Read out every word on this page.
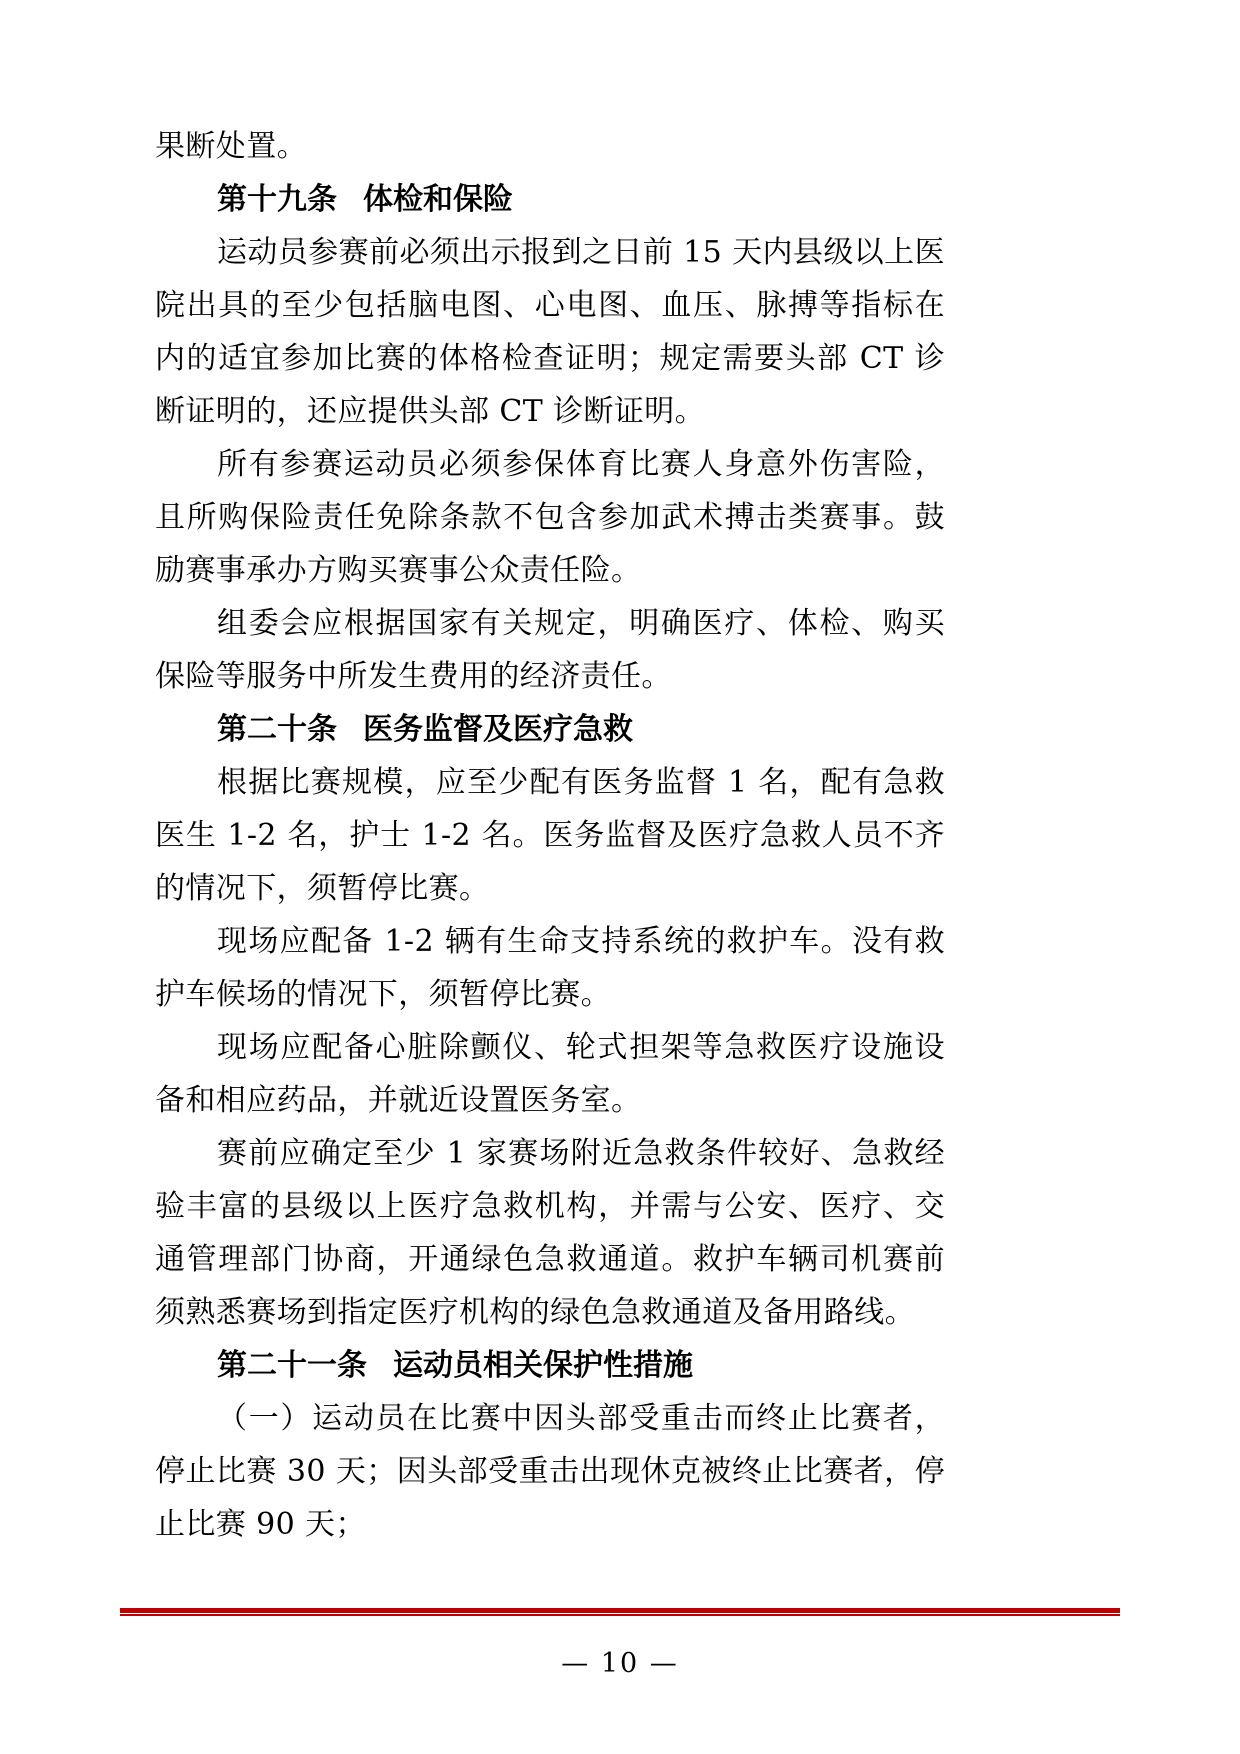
果断处置。

第十九条 体检和保险

运动员参赛前必须出示报到之日前 15 天内县级以上医院出具的至少包括脑电图、心电图、血压、脉搏等指标在内的适宜参加比赛的体格检查证明；规定需要头部 CT 诊断证明的，还应提供头部 CT 诊断证明。

所有参赛运动员必须参保体育比赛人身意外伤害险，且所购保险责任免除条款不包含参加武术搏击类赛事。鼓励赛事承办方购买赛事公众责任险。

组委会应根据国家有关规定，明确医疗、体检、购买保险等服务中所发生费用的经济责任。

第二十条 医务监督及医疗急救

根据比赛规模，应至少配有医务监督 1 名，配有急救医生 1-2 名，护士 1-2 名。医务监督及医疗急救人员不齐的情况下，须暂停比赛。

现场应配备 1-2 辆有生命支持系统的救护车。没有救护车候场的情况下，须暂停比赛。

现场应配备心脏除颤仪、轮式担架等急救医疗设施设备和相应药品，并就近设置医务室。

赛前应确定至少 1 家赛场附近急救条件较好、急救经验丰富的县级以上医疗急救机构，并需与公安、医疗、交通管理部门协商，开通绿色急救通道。救护车辆司机赛前须熟悉赛场到指定医疗机构的绿色急救通道及备用路线。

第二十一条 运动员相关保护性措施

（一）运动员在比赛中因头部受重击而终止比赛者，停止比赛 30 天；因头部受重击出现休克被终止比赛者，停止比赛 90 天；

— 10 —
